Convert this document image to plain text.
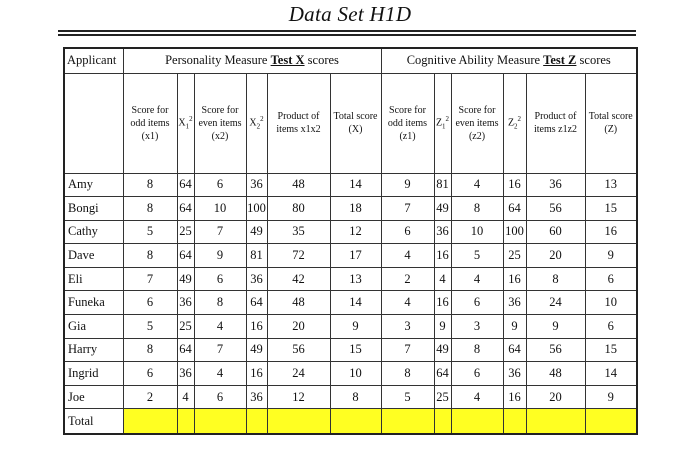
Data Set H1D
Applicant	Personality Measure Test X scores						Cognitive Ability Measure Test Z scores					
	Score for odd items (x1)	$X_1^2$	Score for even items (x2)	$X_2^2$	Product of items x1x2	Total score (X)	Score for odd items (z1)	$Z_1^2$	Score for even items (z2)	$Z_2^2$	Product of items z1z2	Total score (Z)
Amy	8	64	6	36	48	14	9	81	4	16	36	13
Bongi	8	64	10	100	80	18	7	49	8	64	56	15
Cathy	5	25	7	49	35	12	6	36	10	100	60	16
Dave	8	64	9	81	72	17	4	16	5	25	20	9
Eli	7	49	6	36	42	13	2	4	4	16	8	6
Funeka	6	36	8	64	48	14	4	16	6	36	24	10
Gia	5	25	4	16	20	9	3	9	3	9	9	6
Harry	8	64	7	49	56	15	7	49	8	64	56	15
Ingrid	6	36	4	16	24	10	8	64	6	36	48	14
Joe	2	4	6	36	12	8	5	25	4	16	20	9
Total												
